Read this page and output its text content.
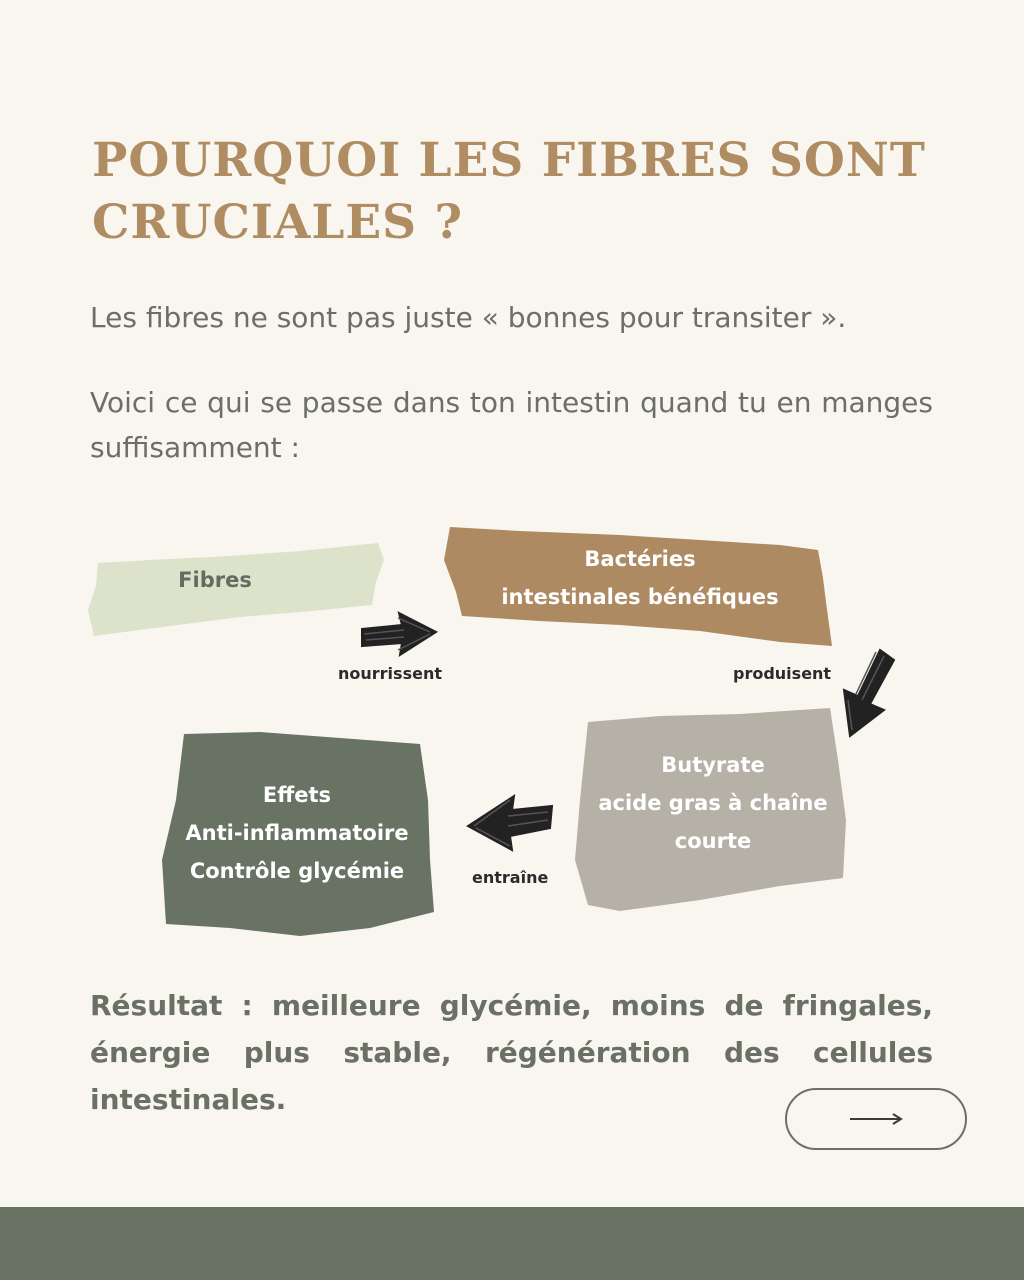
POURQUOI LES FIBRES SONT CRUCIALES ?

Les fibres ne sont pas juste « bonnes pour transiter ».

Voici ce qui se passe dans ton intestin quand tu en manges suffisamment :

Fibres
Bactéries
intestinales bénéfiques
Butyrate
acide gras à chaîne
courte
Effets
Anti-inflammatoire
Contrôle glycémie
nourrissent	produisent
entraîne

Résultat : meilleure glycémie, moins de fringales, énergie plus stable, régénération des cellules intestinales.
